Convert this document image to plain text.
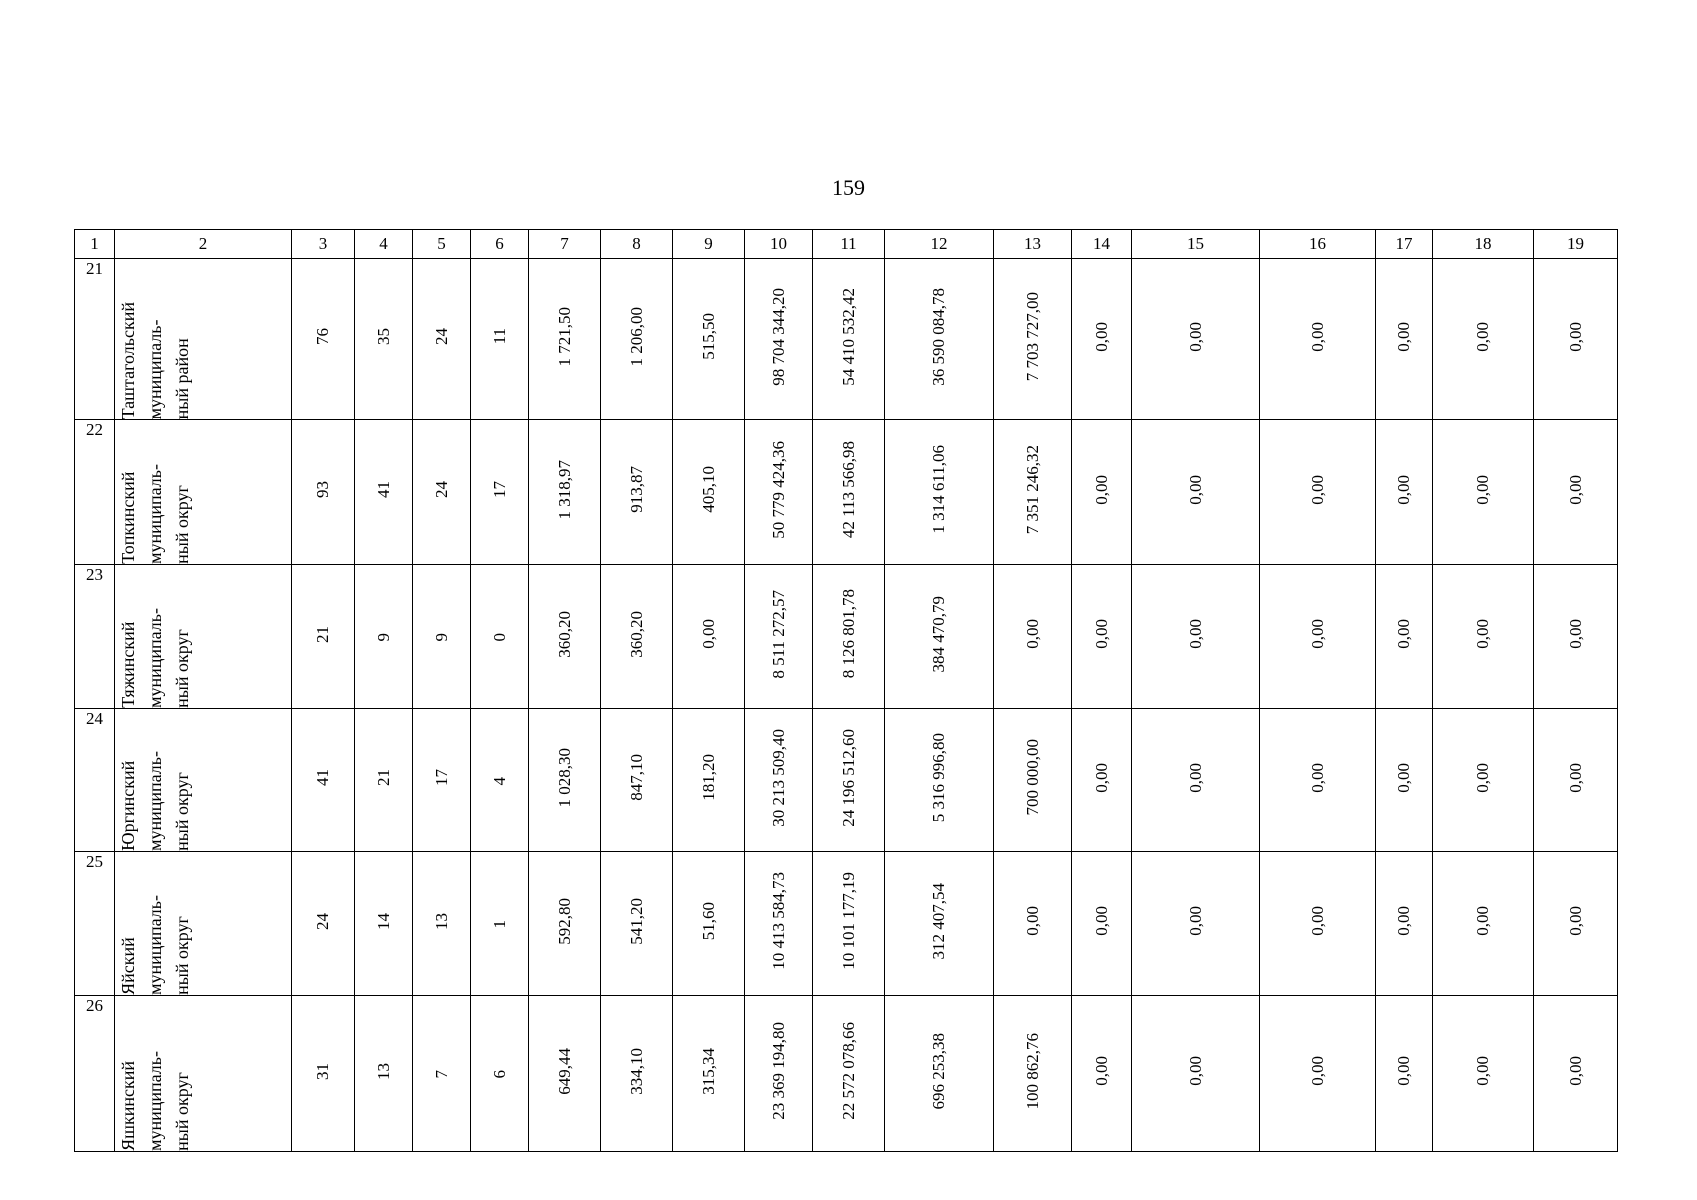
159
1	2	3	4	5	6	7	8	9	10	11	12	13	14	15	16	17	18	19
21	Таштагольский
муниципаль-
ный район	76	35	24	11	1 721,50	1 206,00	515,50	98 704 344,20	54 410 532,42	36 590 084,78	7 703 727,00	0,00	0,00	0,00	0,00	0,00	0,00
22	Топкинский
муниципаль-
ный округ	93	41	24	17	1 318,97	913,87	405,10	50 779 424,36	42 113 566,98	1 314 611,06	7 351 246,32	0,00	0,00	0,00	0,00	0,00	0,00
23	Тяжинский
муниципаль-
ный округ	21	9	9	0	360,20	360,20	0,00	8 511 272,57	8 126 801,78	384 470,79	0,00	0,00	0,00	0,00	0,00	0,00	0,00
24	Юргинский
муниципаль-
ный округ	41	21	17	4	1 028,30	847,10	181,20	30 213 509,40	24 196 512,60	5 316 996,80	700 000,00	0,00	0,00	0,00	0,00	0,00	0,00
25	Яйский
муниципаль-
ный округ	24	14	13	1	592,80	541,20	51,60	10 413 584,73	10 101 177,19	312 407,54	0,00	0,00	0,00	0,00	0,00	0,00	0,00
26	Яшкинский
муниципаль-
ный округ	31	13	7	6	649,44	334,10	315,34	23 369 194,80	22 572 078,66	696 253,38	100 862,76	0,00	0,00	0,00	0,00	0,00	0,00
